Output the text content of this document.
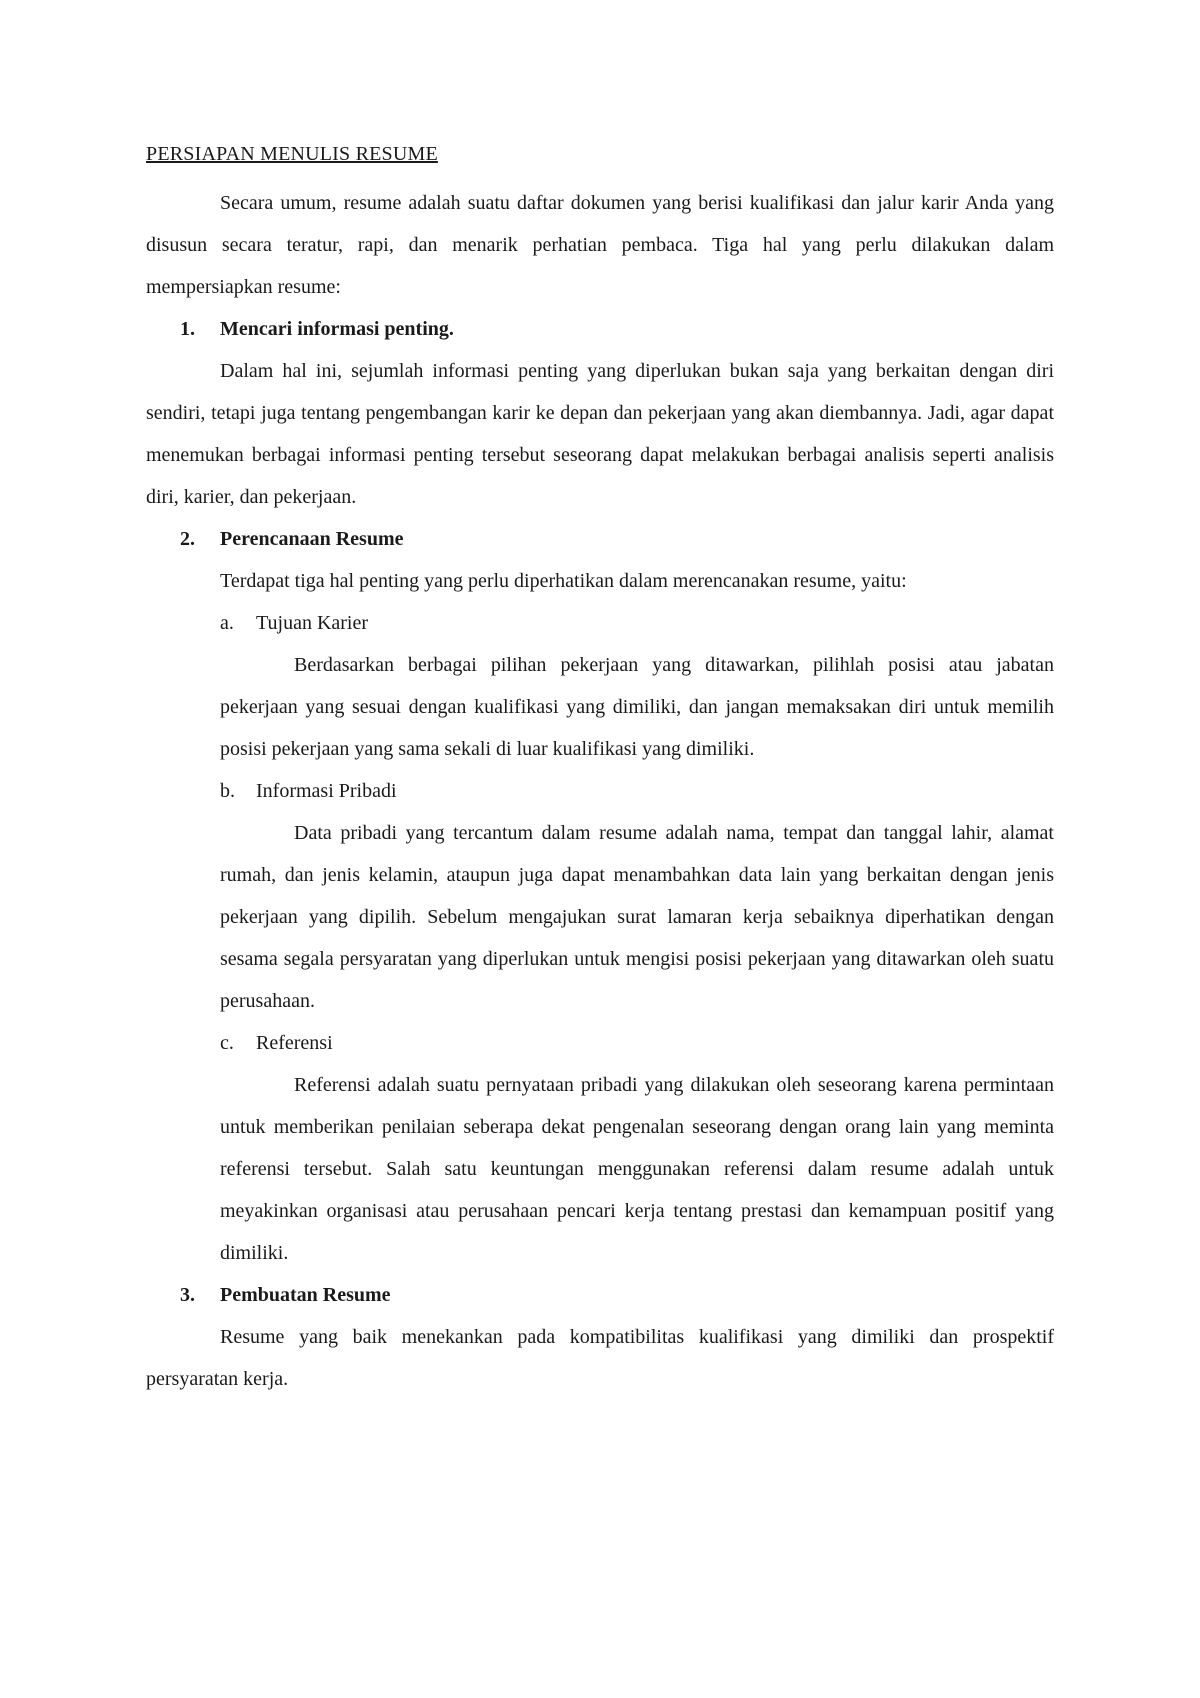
PERSIAPAN MENULIS RESUME

Secara umum, resume adalah suatu daftar dokumen yang berisi kualifikasi dan jalur karir Anda yang disusun secara teratur, rapi, dan menarik perhatian pembaca. Tiga hal yang perlu dilakukan dalam mempersiapkan resume:

1.	Mencari informasi penting.

Dalam hal ini, sejumlah informasi penting yang diperlukan bukan saja yang berkaitan dengan diri sendiri, tetapi juga tentang pengembangan karir ke depan dan pekerjaan yang akan diembannya. Jadi, agar dapat menemukan berbagai informasi penting tersebut seseorang dapat melakukan berbagai analisis seperti analisis diri, karier, dan pekerjaan.

2.	Perencanaan Resume

Terdapat tiga hal penting yang perlu diperhatikan dalam merencanakan resume, yaitu:

a.	Tujuan Karier

Berdasarkan berbagai pilihan pekerjaan yang ditawarkan, pilihlah posisi atau jabatan pekerjaan yang sesuai dengan kualifikasi yang dimiliki, dan jangan memaksakan diri untuk memilih posisi pekerjaan yang sama sekali di luar kualifikasi yang dimiliki.

b.	Informasi Pribadi

Data pribadi yang tercantum dalam resume adalah nama, tempat dan tanggal lahir, alamat rumah, dan jenis kelamin, ataupun juga dapat menambahkan data lain yang berkaitan dengan jenis pekerjaan yang dipilih. Sebelum mengajukan surat lamaran kerja sebaiknya diperhatikan dengan sesama segala persyaratan yang diperlukan untuk mengisi posisi pekerjaan yang ditawarkan oleh suatu perusahaan.

c.	Referensi

Referensi adalah suatu pernyataan pribadi yang dilakukan oleh seseorang karena permintaan untuk memberikan penilaian seberapa dekat pengenalan seseorang dengan orang lain yang meminta referensi tersebut. Salah satu keuntungan menggunakan referensi dalam resume adalah untuk meyakinkan organisasi atau perusahaan pencari kerja tentang prestasi dan kemampuan positif yang dimiliki.

3.	Pembuatan Resume

Resume yang baik menekankan pada kompatibilitas kualifikasi yang dimiliki dan prospektif persyaratan kerja.
